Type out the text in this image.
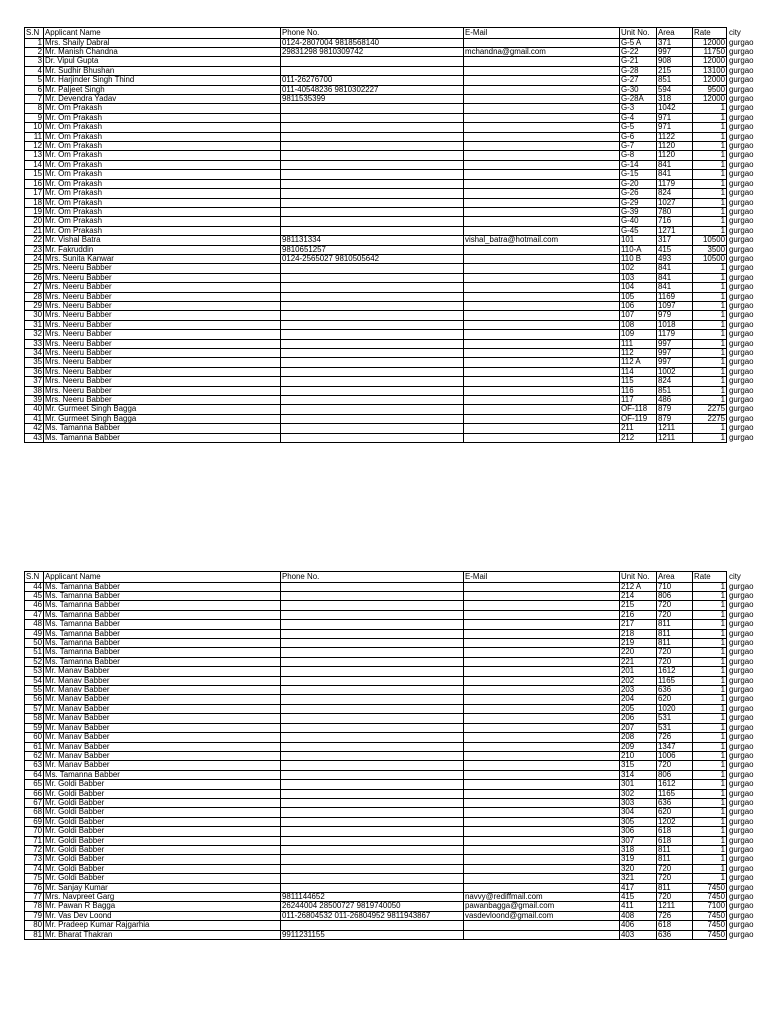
S.N	Applicant Name	Phone No.	E-Mail	Unit No.	Area	Rate	city
1	Mrs. Shaily Dabral	0124-2807004 9818568140		G-5 A	371	12000	gurgao
2	Mr. Manish Chandna	29831298 9810309742	mchandna@gmail.com	G-22	997	11750	gurgao
3	Dr. Vipul Gupta			G-21	908	12000	gurgao
4	Mr. Sudhir Bhushan			G-28	215	13100	gurgao
5	Mr. Harjinder Singh Thind	011-26276700		G-27	851	12000	gurgao
6	Mr. Paljeet Singh	011-40548236 9810302227		G-30	594	9500	gurgao
7	Mr. Devendra Yadav	9811535399		G-28A	318	12000	gurgao
8	Mr. Om Prakash			G-3	1042	1	gurgao
9	Mr. Om Prakash			G-4	971	1	gurgao
10	Mr. Om Prakash			G-5	971	1	gurgao
11	Mr. Om Prakash			G-6	1122	1	gurgao
12	Mr. Om Prakash			G-7	1120	1	gurgao
13	Mr. Om Prakash			G-8	1120	1	gurgao
14	Mr. Om Prakash			G-14	841	1	gurgao
15	Mr. Om Prakash			G-15	841	1	gurgao
16	Mr. Om Prakash			G-20	1179	1	gurgao
17	Mr. Om Prakash			G-26	824	1	gurgao
18	Mr. Om Prakash			G-29	1027	1	gurgao
19	Mr. Om Prakash			G-39	780	1	gurgao
20	Mr. Om Prakash			G-40	716	1	gurgao
21	Mr. Om Prakash			G-45	1271	1	gurgao
22	Mr. Vishal Batra	981131334	vishal_batra@hotmail.com	101	317	10500	gurgao
23	Mr. Fakruddin	9810651257		110-A	415	3500	gurgao
24	Mrs. Sunita Kanwar	0124-2565027 9810505642		110 B	493	10500	gurgao
25	Mrs. Neeru Babber			102	841	1	gurgao
26	Mrs. Neeru Babber			103	841	1	gurgao
27	Mrs. Neeru Babber			104	841	1	gurgao
28	Mrs. Neeru Babber			105	1169	1	gurgao
29	Mrs. Neeru Babber			106	1097	1	gurgao
30	Mrs. Neeru Babber			107	979	1	gurgao
31	Mrs. Neeru Babber			108	1018	1	gurgao
32	Mrs. Neeru Babber			109	1179	1	gurgao
33	Mrs. Neeru Babber			111	997	1	gurgao
34	Mrs. Neeru Babber			112	997	1	gurgao
35	Mrs. Neeru Babber			112 A	997	1	gurgao
36	Mrs. Neeru Babber			114	1002	1	gurgao
37	Mrs. Neeru Babber			115	824	1	gurgao
38	Mrs. Neeru Babber			116	851	1	gurgao
39	Mrs. Neeru Babber			117	486	1	gurgao
40	Mr. Gurmeet Singh Bagga			OF-118	879	2275	gurgao
41	Mr. Gurmeet Singh Bagga			OF-119	879	2275	gurgao
42	Ms. Tamanna Babber			211	1211	1	gurgao
43	Ms. Tamanna Babber			212	1211	1	gurgao
S.N	Applicant Name	Phone No.	E-Mail	Unit No.	Area	Rate	city
44	Ms. Tamanna Babber			212 A	710	1	gurgao
45	Ms. Tamanna Babber			214	806	1	gurgao
46	Ms. Tamanna Babber			215	720	1	gurgao
47	Ms. Tamanna Babber			216	720	1	gurgao
48	Ms. Tamanna Babber			217	811	1	gurgao
49	Ms. Tamanna Babber			218	811	1	gurgao
50	Ms. Tamanna Babber			219	811	1	gurgao
51	Ms. Tamanna Babber			220	720	1	gurgao
52	Ms. Tamanna Babber			221	720	1	gurgao
53	Mr. Manav Babber			201	1612	1	gurgao
54	Mr. Manav Babber			202	1165	1	gurgao
55	Mr. Manav Babber			203	636	1	gurgao
56	Mr. Manav Babber			204	620	1	gurgao
57	Mr. Manav Babber			205	1020	1	gurgao
58	Mr. Manav Babber			206	531	1	gurgao
59	Mr. Manav Babber			207	531	1	gurgao
60	Mr. Manav Babber			208	726	1	gurgao
61	Mr. Manav Babber			209	1347	1	gurgao
62	Mr. Manav Babber			210	1006	1	gurgao
63	Mr. Manav Babber			315	720	1	gurgao
64	Ms. Tamanna Babber			314	806	1	gurgao
65	Mr. Goldi Babber			301	1612	1	gurgao
66	Mr. Goldi Babber			302	1165	1	gurgao
67	Mr. Goldi Babber			303	636	1	gurgao
68	Mr. Goldi Babber			304	620	1	gurgao
69	Mr. Goldi Babber			305	1202	1	gurgao
70	Mr. Goldi Babber			306	618	1	gurgao
71	Mr. Goldi Babber			307	618	1	gurgao
72	Mr. Goldi Babber			318	811	1	gurgao
73	Mr. Goldi Babber			319	811	1	gurgao
74	Mr. Goldi Babber			320	720	1	gurgao
75	Mr. Goldi Babber			321	720	1	gurgao
76	Mr. Sanjay Kumar			417	811	7450	gurgao
77	Mrs. Navpreet Garg	9811144652	navvy@rediffmail.com	415	720	7450	gurgao
78	Mr. Pawan R Bagga	26244004 28500727 9819740050	pawanbagga@gmail.com	411	1211	7100	gurgao
79	Mr. Vas Dev Loond	011-26804532 011-26804952 9811943867	vasdevloond@gmail.com	408	726	7450	gurgao
80	Mr. Pradeep Kumar Rajgarhia			406	618	7450	gurgao
81	Mr. Bharat Thakran	9911231155		403	636	7450	gurgao
